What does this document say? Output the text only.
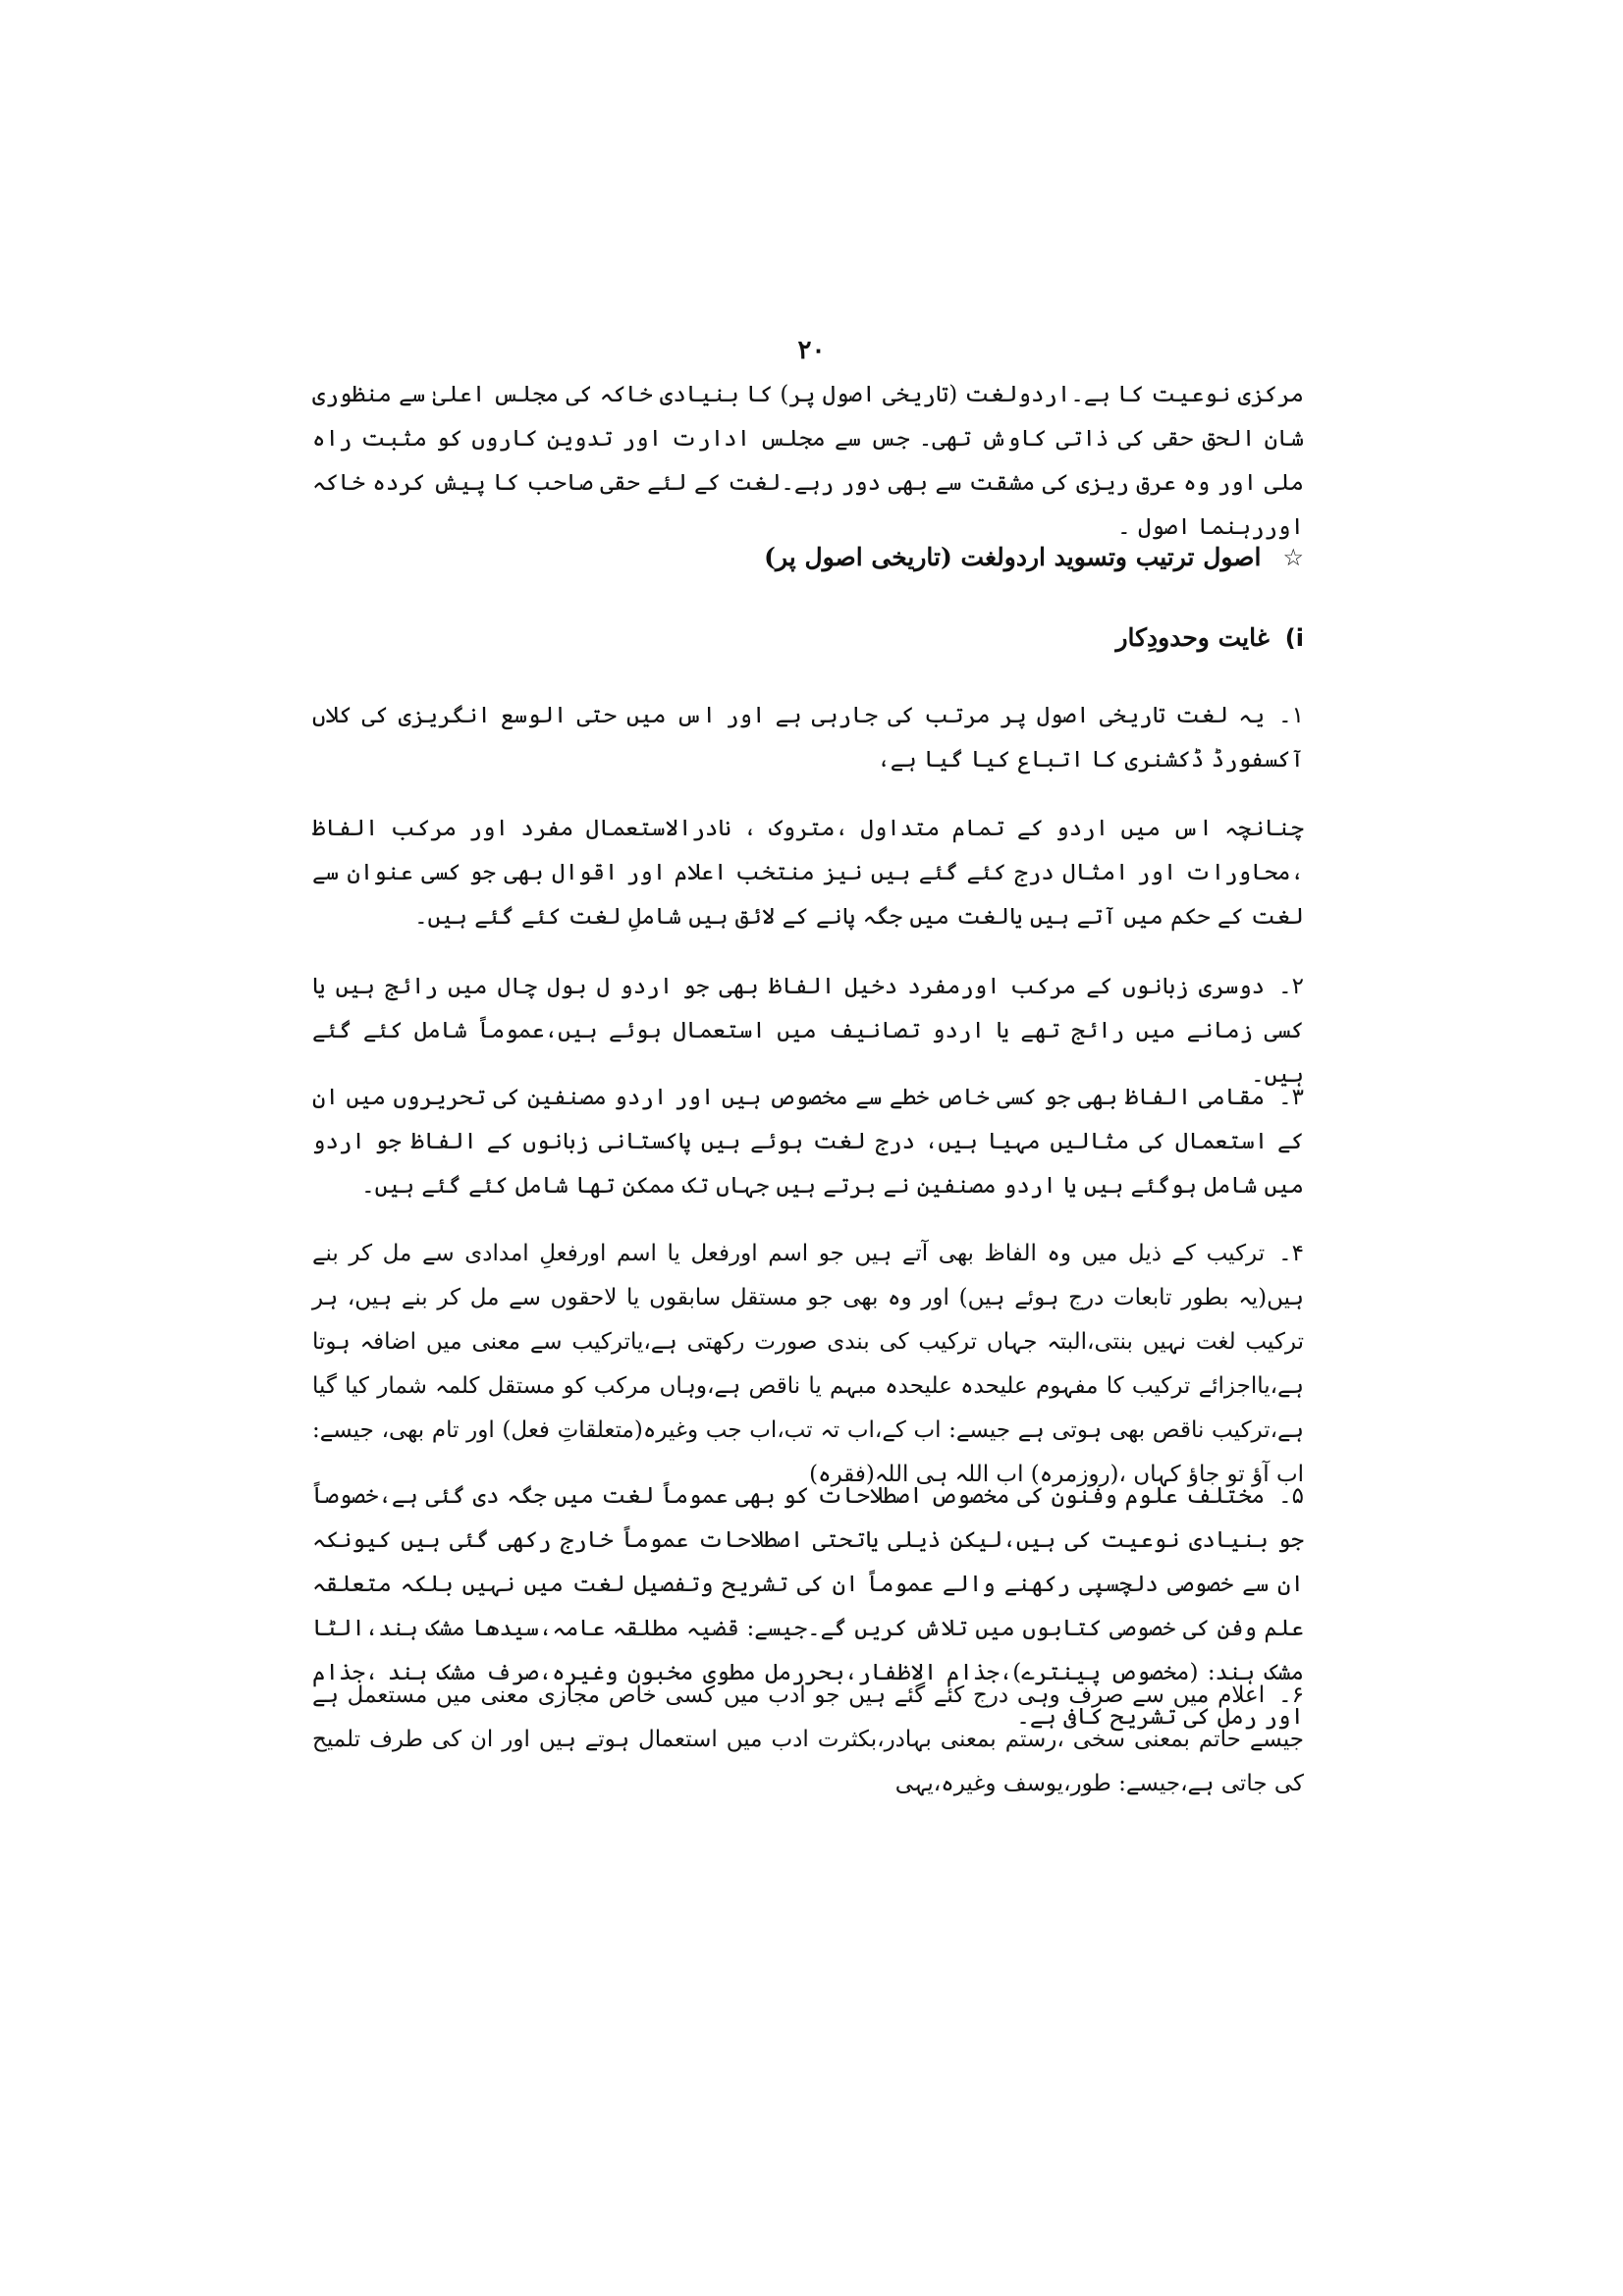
۲۰

مرکزی نوعیت کا ہے۔اردولغت (تاریخی اصول پر) کا بنیادی خاکہ کی مجلس اعلیٰ سے منظوری شان الحق حقی کی ذاتی کاوش تھی۔ جس سے مجلس ادارت اور تدوین کاروں کو مثبت راہ ملی اور وہ عرق ریزی کی مشقت سے بھی دور رہے۔لغت کے لئے حقی صاحب کا پیش کردہ خاکہ اوررہنما اصول ۔

☆
اصول ترتیب وتسوید اردولغت (تاریخی اصول پر)
i)
غایت وحدودِکار

۱۔یہ لغت تاریخی اصول پر مرتب کی جارہی ہے اور اس میں حتی الوسع انگریزی کی کلاں آکسفورڈ ڈکشنری کا اتباع کیا گیا ہے،

چنانچہ اس میں اردو کے تمام متداول ،متروک ، نادرالاستعمال مفرد اور مرکب الفاظ ،محاورات اور امثال درج کئے گئے ہیں نیز منتخب اعلام اور اقوال بھی جو کسی عنوان سے لغت کے حکم میں آتے ہیں یالغت میں جگہ پانے کے لائق ہیں شاملِ لغت کئے گئے ہیں۔

۲۔دوسری زبانوں کے مرکب اورمفرد دخیل الفاظ بھی جو اردو ل بول چال میں رائج ہیں یا کسی زمانے میں رائج تھے یا اردو تصانیف میں استعمال ہوئے ہیں،عموماً شامل کئے گئے ہیں۔

۳۔مقامی الفاظ بھی جو کسی خاص خطے سے مخصوص ہیں اور اردو مصنفین کی تحریروں میں ان کے استعمال کی مثالیں مہیا ہیں، درج لغت ہوئے ہیں پاکستانی زبانوں کے الفاظ جو اردو میں شامل ہوگئے ہیں یا اردو مصنفین نے برتے ہیں جہاں تک ممکن تھا شامل کئے گئے ہیں۔

۴۔ترکیب کے ذیل میں وہ الفاظ بھی آتے ہیں جو اسم اورفعل یا اسم اورفعلِ امدادی سے مل کر بنے ہیں(یہ بطور تابعات درج ہوئے ہیں) اور وہ بھی جو مستقل سابقوں یا لاحقوں سے مل کر بنے ہیں، ہر ترکیب لغت نہیں بنتی،البتہ جہاں ترکیب کی بندی صورت رکھتی ہے،یاترکیب سے معنی میں اضافہ ہوتا ہے،یااجزائے ترکیب کا مفہوم علیحدہ علیحدہ مبہم یا ناقص ہے،وہاں مرکب کو مستقل کلمہ شمار کیا گیا ہے،ترکیب ناقص بھی ہوتی ہے جیسے: اب کے،اب تہ تب،اب جب وغیرہ(متعلقاتِ فعل) اور تام بھی، جیسے: اب آؤ تو جاؤ کہاں ،(روزمرہ) اب اللہ ہی اللہ(فقرہ)

۵۔مختلف علوم وفنون کی مخصوص اصطلاحات کو بھی عموماً لغت میں جگہ دی گئی ہے،خصوصاً جو بنیادی نوعیت کی ہیں،لیکن ذیلی یاتحتی اصطلاحات عموماً خارج رکھی گئی ہیں کیونکہ ان سے خصوصی دلچسپی رکھنے والے عموماً ان کی تشریح وتفصیل لغت میں نہیں بلکہ متعلقہ علم وفن کی خصوصی کتابوں میں تلاش کریں گے۔جیسے: قضیہ مطلقہ عامہ،سیدھا مشک ہند،الٹا مشک ہند: (مخصوص پینترے)،جذام الاظفار،بحررمل مطوی مخبون وغیرہ،صرف مشک ہند ،جذام اور رمل کی تشریح کافی ہے۔

۶۔اعلام میں سے صرف وہی درج کئے گئے ہیں جو ادب میں کسی خاص مجازی معنی میں مستعمل ہے جیسے حاتم بمعنی سخی ،رستم بمعنی بہادر،بکثرت ادب میں استعمال ہوتے ہیں اور ان کی طرف تلمیح کی جاتی ہے،جیسے: طور،یوسف وغیرہ،یہی
